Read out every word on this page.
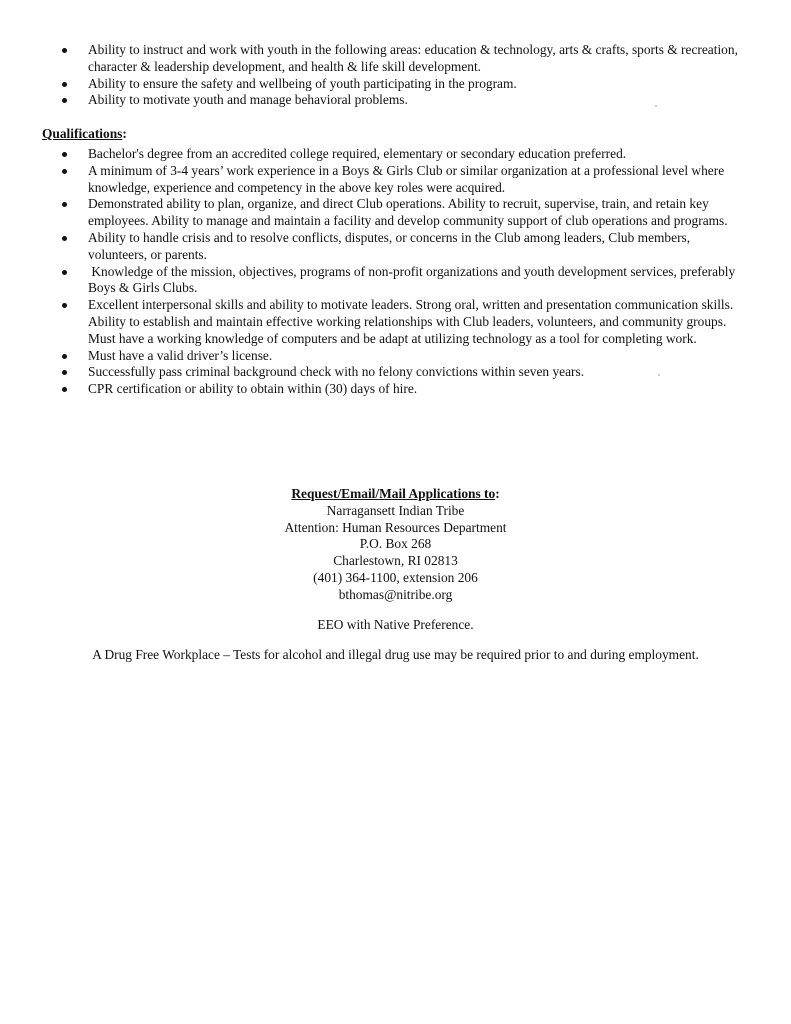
Ability to instruct and work with youth in the following areas: education & technology, arts & crafts, sports & recreation, character & leadership development, and health & life skill development.
Ability to ensure the safety and wellbeing of youth participating in the program.
Ability to motivate youth and manage behavioral problems.
Qualifications:
Bachelor's degree from an accredited college required, elementary or secondary education preferred.
A minimum of 3-4 years’ work experience in a Boys & Girls Club or similar organization at a professional level where knowledge, experience and competency in the above key roles were acquired.
Demonstrated ability to plan, organize, and direct Club operations. Ability to recruit, supervise, train, and retain key employees. Ability to manage and maintain a facility and develop community support of club operations and programs.
Ability to handle crisis and to resolve conflicts, disputes, or concerns in the Club among leaders, Club members, volunteers, or parents.
Knowledge of the mission, objectives, programs of non-profit organizations and youth development services, preferably Boys & Girls Clubs.
Excellent interpersonal skills and ability to motivate leaders. Strong oral, written and presentation communication skills. Ability to establish and maintain effective working relationships with Club leaders, volunteers, and community groups. Must have a working knowledge of computers and be adapt at utilizing technology as a tool for completing work.
Must have a valid driver’s license.
Successfully pass criminal background check with no felony convictions within seven years.
CPR certification or ability to obtain within (30) days of hire.
Request/Email/Mail Applications to:
Narragansett Indian Tribe
Attention: Human Resources Department
P.O. Box 268
Charlestown, RI 02813
(401) 364-1100, extension 206
bthomas@nitribe.org
EEO with Native Preference.
A Drug Free Workplace – Tests for alcohol and illegal drug use may be required prior to and during employment.
